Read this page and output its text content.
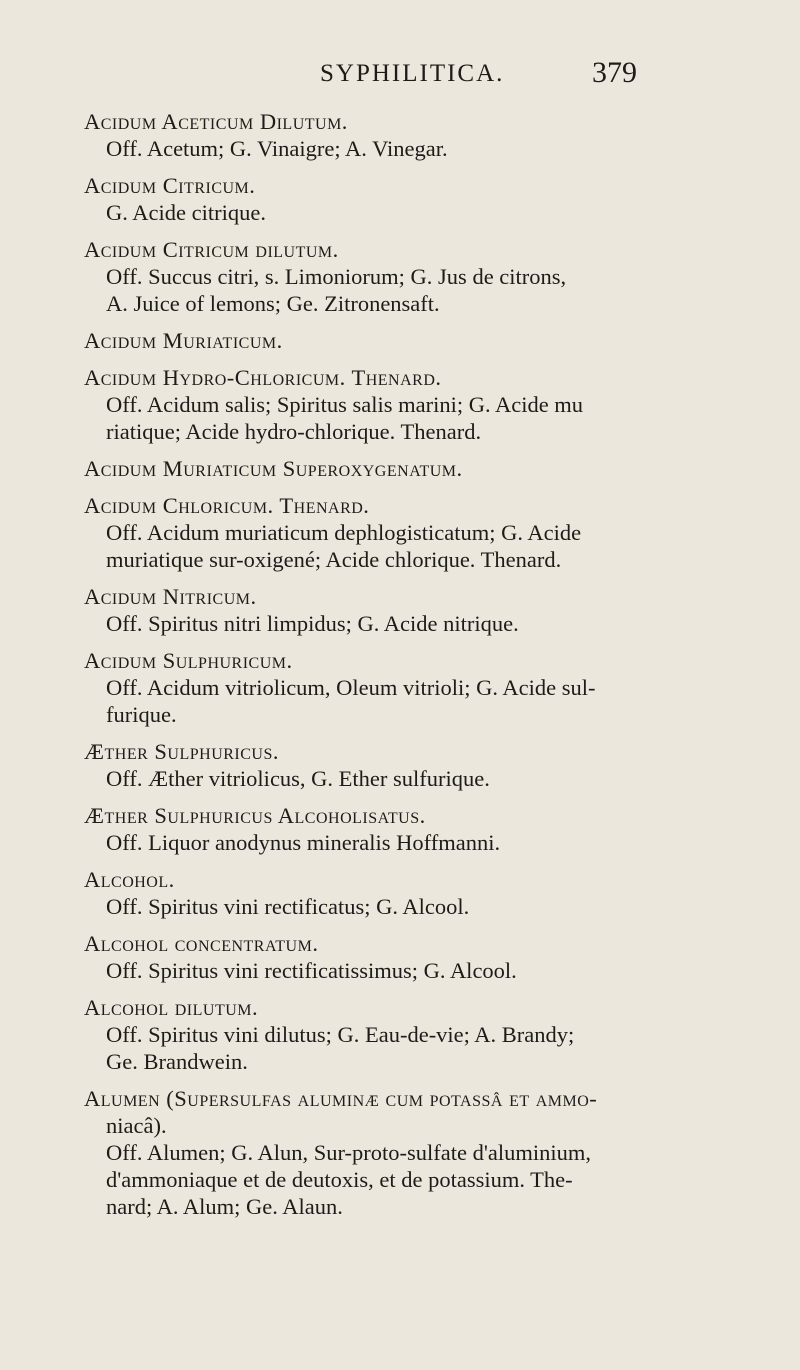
SYPHILITICA.	379
Acidum Aceticum Dilutum.
Off. Acetum; G. Vinaigre; A. Vinegar.
Acidum Citricum.
G. Acide citrique.
Acidum Citricum dilutum.
Off. Succus citri, s. Limoniorum; G. Jus de citrons,
A. Juice of lemons; Ge. Zitronensaft.
Acidum Muriaticum.
Acidum Hydro-Chloricum. Thenard.
Off. Acidum salis; Spiritus salis marini; G. Acide mu
riatique; Acide hydro-chlorique. Thenard.
Acidum Muriaticum Superoxygenatum.
Acidum Chloricum. Thenard.
Off. Acidum muriaticum dephlogisticatum; G. Acide
muriatique sur-oxigené; Acide chlorique. Thenard.
Acidum Nitricum.
Off. Spiritus nitri limpidus; G. Acide nitrique.
Acidum Sulphuricum.
Off. Acidum vitriolicum, Oleum vitrioli; G. Acide sul-
furique.
Æther Sulphuricus.
Off. Æther vitriolicus, G. Ether sulfurique.
Æther Sulphuricus Alcoholisatus.
Off. Liquor anodynus mineralis Hoffmanni.
Alcohol.
Off. Spiritus vini rectificatus; G. Alcool.
Alcohol concentratum.
Off. Spiritus vini rectificatissimus; G. Alcool.
Alcohol dilutum.
Off. Spiritus vini dilutus; G. Eau-de-vie; A. Brandy;
Ge. Brandwein.
Alumen (Supersulfas aluminæ cum potassâ et ammo-
niacâ).
Off. Alumen; G. Alun, Sur-proto-sulfate d'aluminium,
d'ammoniaque et de deutoxis, et de potassium. The-
nard; A. Alum; Ge. Alaun.
